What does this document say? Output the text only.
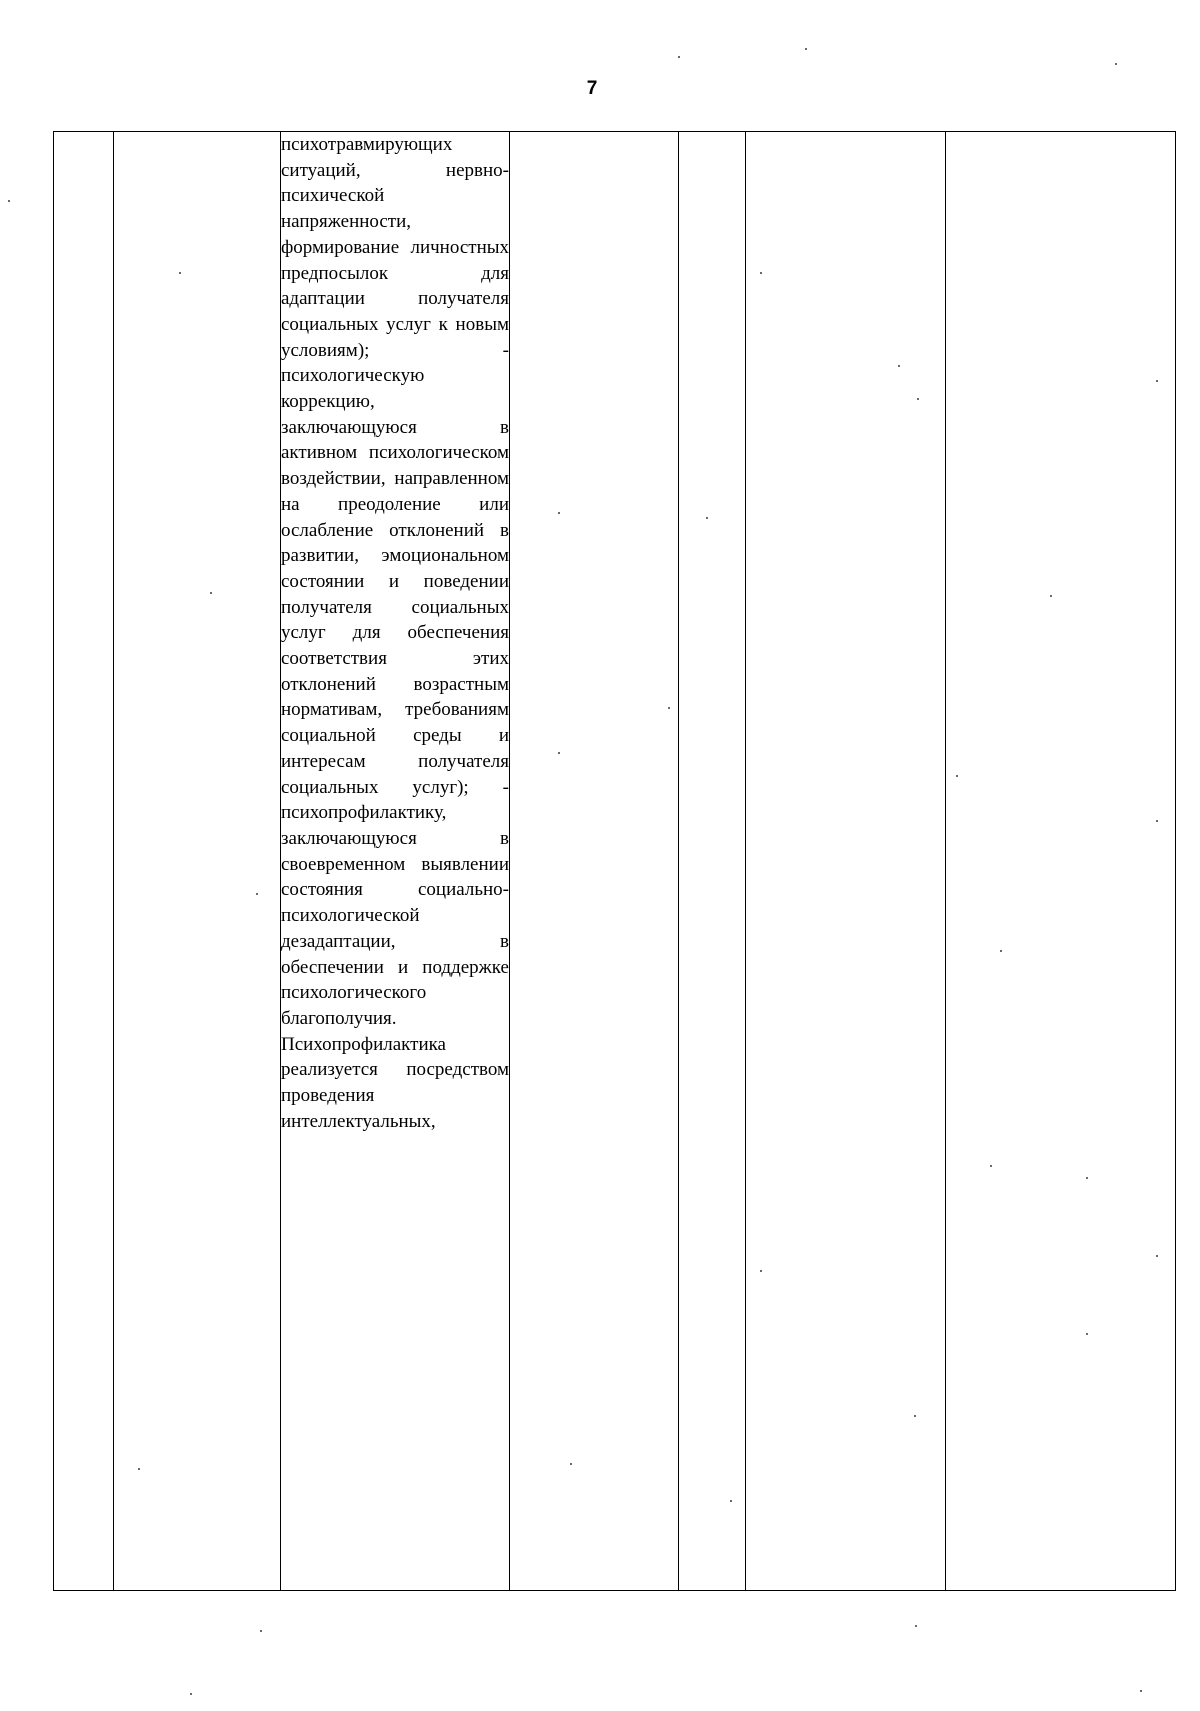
7

психотравмирующих ситуаций, нервно-психической напряженности, формирование личностных предпосылок для адаптации получателя социальных услуг к новым условиям); - психологическую коррекцию, заключающуюся в активном психологическом воздействии, направленном на преодоление или ослабление отклонений в развитии, эмоциональном состоянии и поведении получателя социальных услуг для обеспечения соответствия этих отклонений возрастным нормативам, требованиям социальной среды и интересам получателя социальных услуг); - психопрофилактику, заключающуюся в своевременном выявлении состояния социально-психологической дезадаптации, в обеспечении и поддержке психологического благополучия. Психопрофилактика реализуется посредством проведения интеллектуальных,
